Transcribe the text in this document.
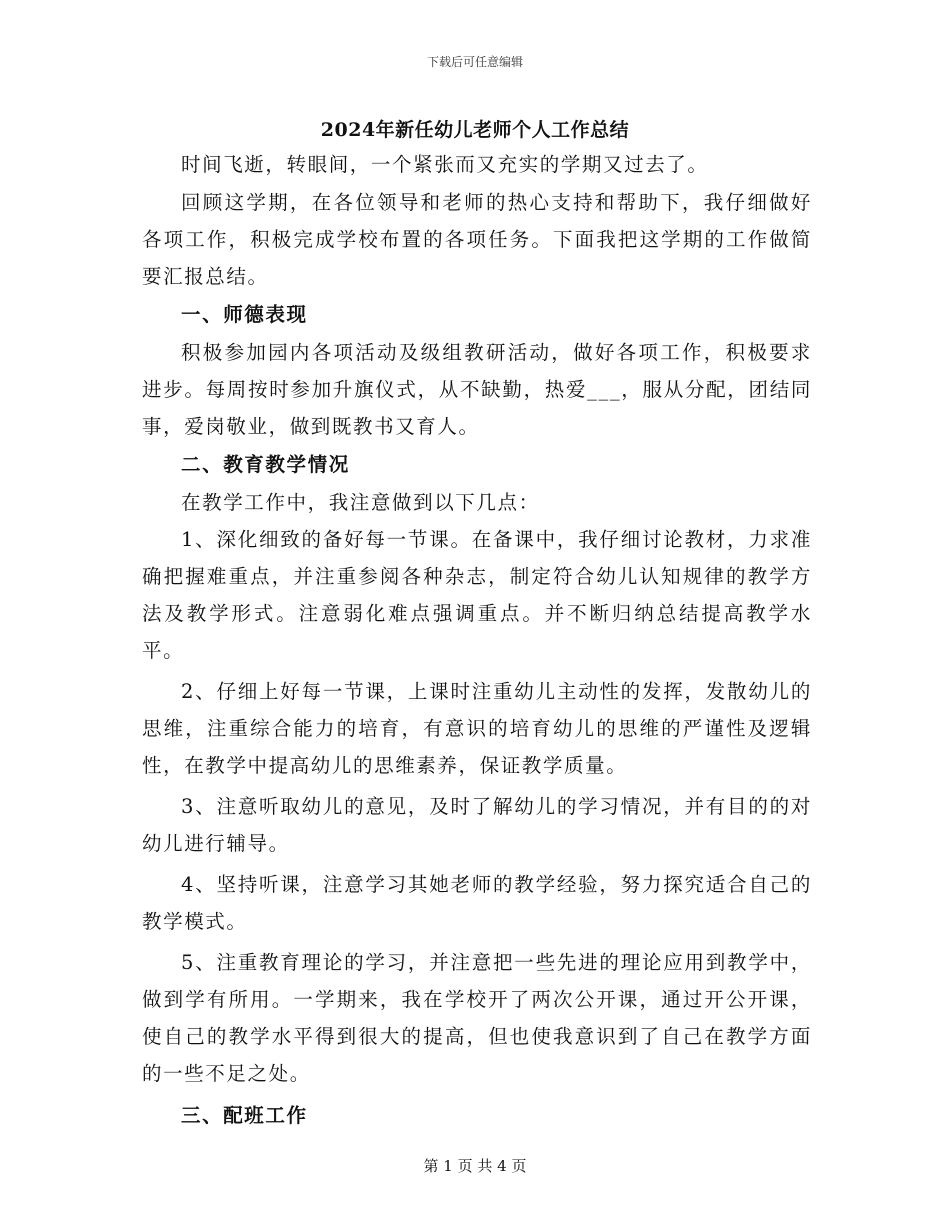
下载后可任意编辑
2024年新任幼儿老师个人工作总结

时间飞逝，转眼间，一个紧张而又充实的学期又过去了。

回顾这学期，在各位领导和老师的热心支持和帮助下，我仔细做好各项工作，积极完成学校布置的各项任务。下面我把这学期的工作做简要汇报总结。

一、师德表现

积极参加园内各项活动及级组教研活动，做好各项工作，积极要求进步。每周按时参加升旗仪式，从不缺勤，热爱___，服从分配，团结同事，爱岗敬业，做到既教书又育人。

二、教育教学情况

在教学工作中，我注意做到以下几点：

1、深化细致的备好每一节课。在备课中，我仔细讨论教材，力求准确把握难重点，并注重参阅各种杂志，制定符合幼儿认知规律的教学方法及教学形式。注意弱化难点强调重点。并不断归纳总结提高教学水平。

2、仔细上好每一节课，上课时注重幼儿主动性的发挥，发散幼儿的思维，注重综合能力的培育，有意识的培育幼儿的思维的严谨性及逻辑性，在教学中提高幼儿的思维素养，保证教学质量。

3、注意听取幼儿的意见，及时了解幼儿的学习情况，并有目的的对幼儿进行辅导。

4、坚持听课，注意学习其她老师的教学经验，努力探究适合自己的教学模式。

5、注重教育理论的学习，并注意把一些先进的理论应用到教学中，做到学有所用。一学期来，我在学校开了两次公开课，通过开公开课，使自己的教学水平得到很大的提高，但也使我意识到了自己在教学方面的一些不足之处。

三、配班工作
第 1 页 共 4 页
